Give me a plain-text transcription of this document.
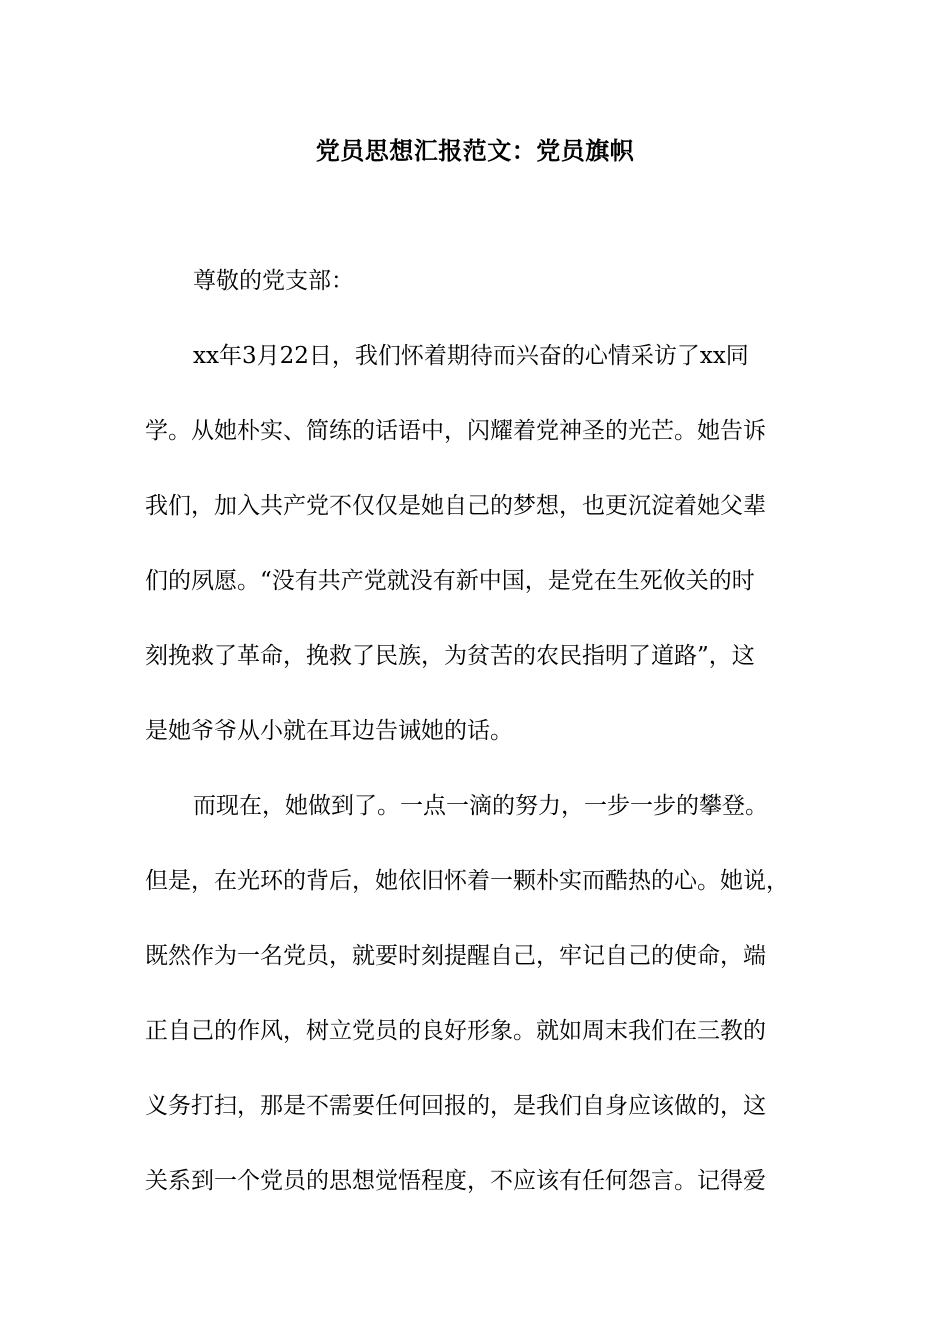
党员思想汇报范文：党员旗帜

尊敬的党支部：

xx年3月22日，我们怀着期待而兴奋的心情采访了xx同
学。从她朴实、简练的话语中，闪耀着党神圣的光芒。她告诉
我们，加入共产党不仅仅是她自己的梦想，也更沉淀着她父辈
们的夙愿。“没有共产党就没有新中国，是党在生死攸关的时
刻挽救了革命，挽救了民族，为贫苦的农民指明了道路”，这
是她爷爷从小就在耳边告诫她的话。

而现在，她做到了。一点一滴的努力，一步一步的攀登。
但是，在光环的背后，她依旧怀着一颗朴实而酷热的心。她说，
既然作为一名党员，就要时刻提醒自己，牢记自己的使命，端
正自己的作风，树立党员的良好形象。就如周末我们在三教的
义务打扫，那是不需要任何回报的，是我们自身应该做的，这
关系到一个党员的思想觉悟程度，不应该有任何怨言。记得爱
